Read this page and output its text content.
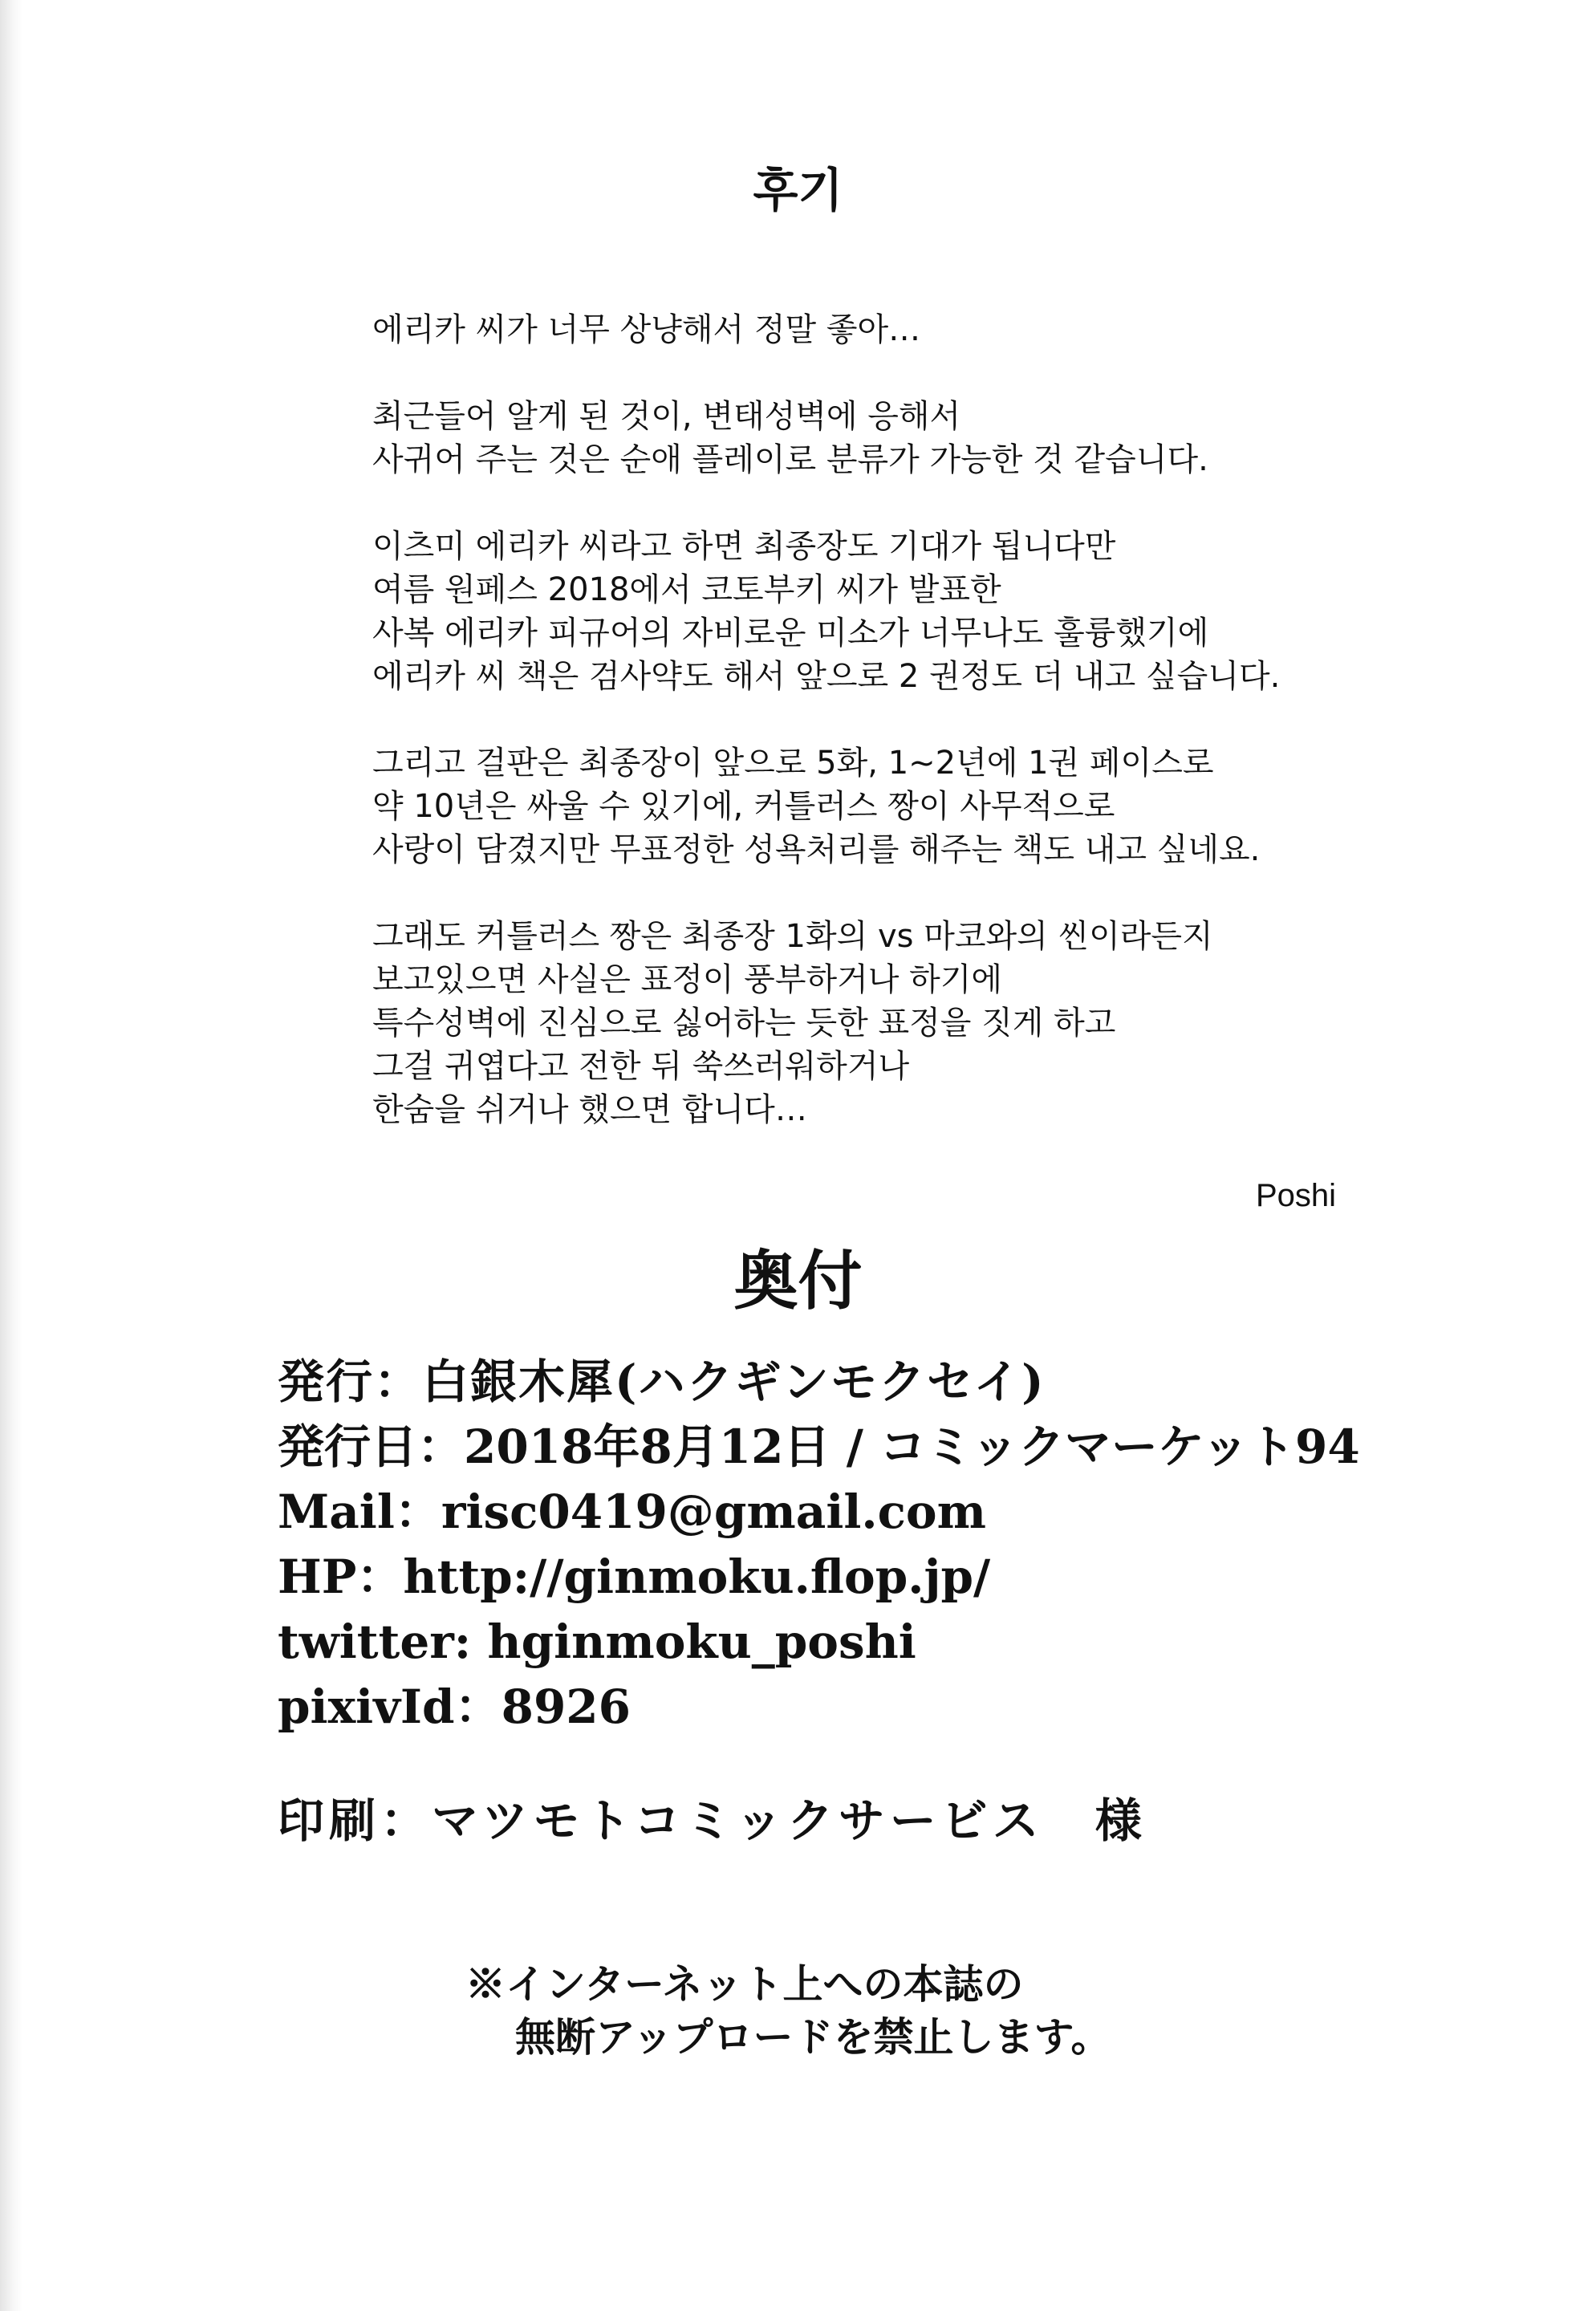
후기

에리카 씨가 너무 상냥해서 정말 좋아…

최근들어 알게 된 것이, 변태성벽에 응해서
사귀어 주는 것은 순애 플레이로 분류가 가능한 것 같습니다.

이츠미 에리카 씨라고 하면 최종장도 기대가 됩니다만
여름 원페스 2018에서 코토부키 씨가 발표한
사복 에리카 피규어의 자비로운 미소가 너무나도 훌륭했기에
에리카 씨 책은 검사약도 해서 앞으로 2 권정도 더 내고 싶습니다.

그리고 걸판은 최종장이 앞으로 5화, 1~2년에 1권 페이스로
약 10년은 싸울 수 있기에, 커틀러스 짱이 사무적으로
사랑이 담겼지만 무표정한 성욕처리를 해주는 책도 내고 싶네요.

그래도 커틀러스 짱은 최종장 1화의 vs 마코와의 씬이라든지
보고있으면 사실은 표정이 풍부하거나 하기에
특수성벽에 진심으로 싫어하는 듯한 표정을 짓게 하고
그걸 귀엽다고 전한 뒤 쑥쓰러워하거나
한숨을 쉬거나 했으면 합니다…

Poshi
奥付
発行：白銀木犀(ハクギンモクセイ)
発行日：2018年8月12日 / コミックマーケット94
Mail：risc0419@gmail.com
HP：http://ginmoku.flop.jp/
twitter: hginmoku_poshi
pixivId：8926
印刷：マツモトコミックサービス　様
※インターネット上への本誌の
無断アップロードを禁止します。
